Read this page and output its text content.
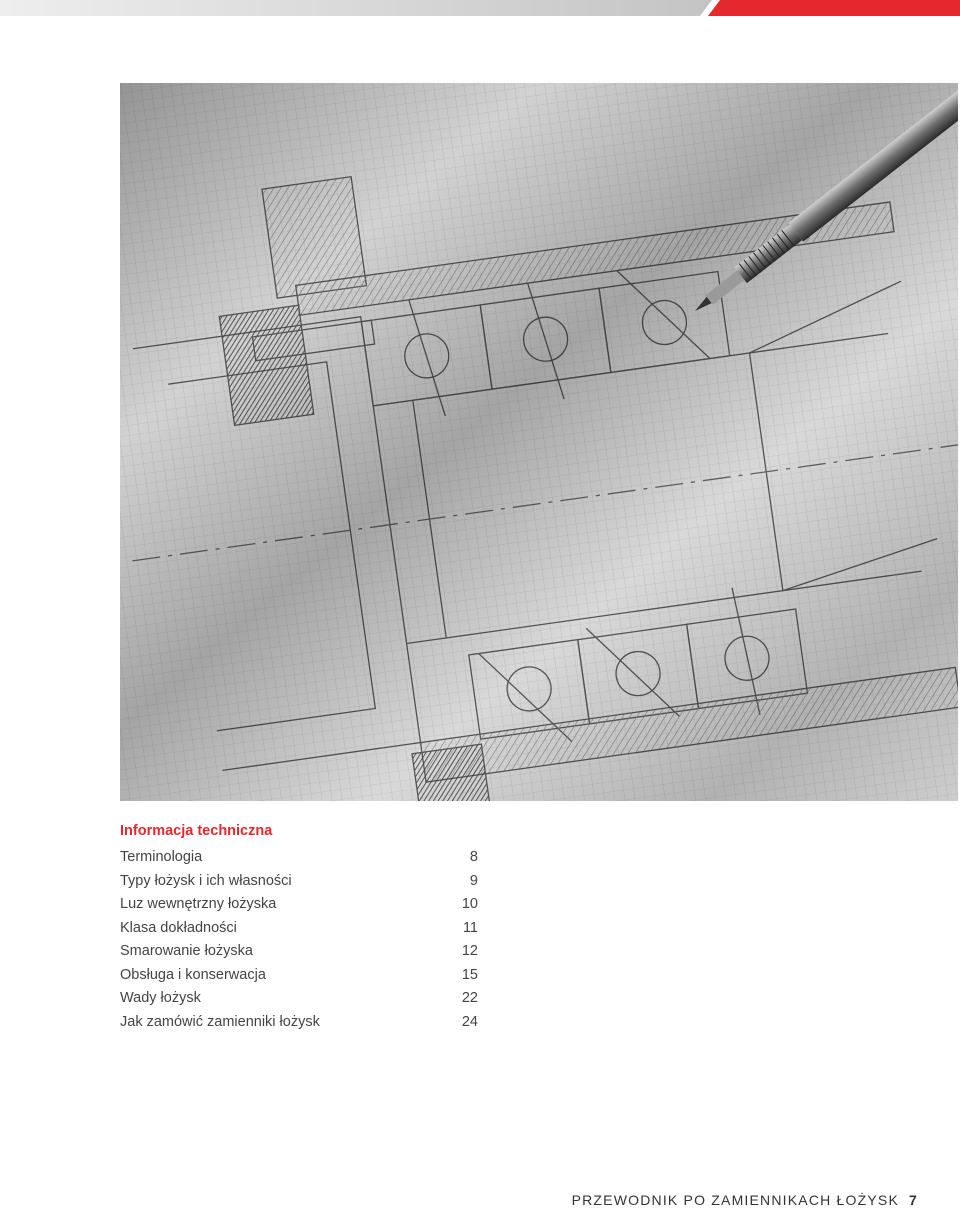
Informacja techniczna
Terminologia	8
Typy łożysk i ich własności	9
Luz wewnętrzny łożyska	10
Klasa dokładności	11
Smarowanie łożyska	12
Obsługa i konserwacja	15
Wady łożysk	22
Jak zamówić zamienniki łożysk	24
PRZEWODNIK PO ZAMIENNIKACH ŁOŻYSK 7
